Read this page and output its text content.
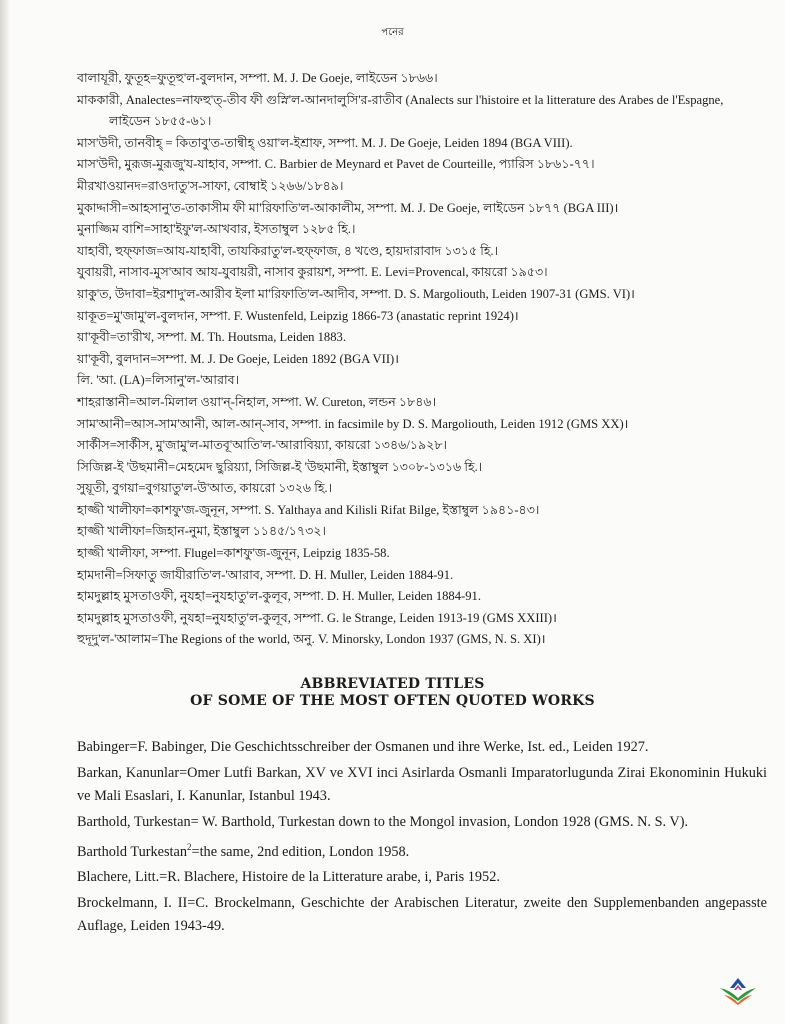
পনের
বালাযূরী, ফুতূহ=ফুতূহু'ল-বুলদান, সম্পা. M. J. De Goeje, লাইডেন ১৮৬৬।
মাককারী, Analectes=নাফহু'ত্-তীব ফী গুস্নি'ল-আনদালুসি'র-রাতীব (Analects sur l'histoire et la litterature des Arabes de l'Espagne, লাইডেন ১৮৫৫-৬১।
মাস'উদী, তানবীহ্ = কিতাবু'ত-তান্বীহ্ ওয়া'ল-ইশ্রাফ, সম্পা. M. J. De Goeje, Leiden 1894 (BGA VIII).
মাস'উদী, মুরূজ-মুরূজু'য-যাহাব, সম্পা. C. Barbier de Meynard et Pavet de Courteille, প্যারিস ১৮৬১-৭৭।
মীরখাওয়ানদ=রাওদাতু'স-সাফা, বোম্বাই ১২৬৬/১৮৪৯।
মুকাদ্দাসী=আহসানু'ত-তাকাসীম ফী মা'রিফাতি'ল-আকালীম, সম্পা. M. J. De Goeje, লাইডেন ১৮৭৭ (BGA III)।
মুনাজ্জিম বাশি=সাহা'ইফু'ল-আখবার, ইসতাম্বুল ১২৮৫ হি.।
যাহাবী, হুফ্ফাজ=আয-যাহাবী, তাযকিরাতু'ল-হুফ্ফাজ, ৪ খণ্ডে, হায়দারাবাদ ১৩১৫ হি.।
যুবায়রী, নাসাব-মুস'আব আয-যুবায়রী, নাসাব কুরায়শ, সম্পা. E. Levi=Provencal, কায়রো ১৯৫৩।
য়াকু'ত, উদাবা=ইরশাদু'ল-আরীব ইলা মা'রিফাতি'ল-আদীব, সম্পা. D. S. Margoliouth, Leiden 1907-31 (GMS. VI)।
য়াকূত=মু'জামু'ল-বুলদান, সম্পা. F. Wustenfeld, Leipzig 1866-73 (anastatic reprint 1924)।
য়া'কূবী=তা'রীখ, সম্পা. M. Th. Houtsma, Leiden 1883.
য়া'কূবী, বুলদান=সম্পা. M. J. De Goeje, Leiden 1892 (BGA VII)।
লি. 'আ. (LA)=লিসানু'ল-'আরাব।
শাহরাস্তানী=আল-মিলাল ওয়া'ন্-নিহাল, সম্পা. W. Cureton, লন্ডন ১৮৪৬।
সাম'আনী=আস-সাম'আনী, আল-আন্-সাব, সম্পা. in facsimile by D. S. Margoliouth, Leiden 1912 (GMS XX)।
সার্কীস=সার্কীস, মু'জামু'ল-মাতবূ'আতি'ল-'আরাবিয়্যা, কায়রো ১৩৪৬/১৯২৮।
সিজিল্ল-ই 'উছমানী=মেহমেদ ছুরিয়্যা, সিজিল্ল-ই 'উছমানী, ইস্তাম্বুল ১৩০৮-১৩১৬ হি.।
সুয়ূতী, বুগয়া=বুগয়াতু'ল-উ'আত, কায়রো ১৩২৬ হি.।
হাজ্জী খালীফা=কাশফু'জ-জুনূন, সম্পা. S. Yalthaya and Kilisli Rifat Bilge, ইস্তাম্বুল ১৯৪১-৪৩।
হাজ্জী খালীফা=জিহান-নুমা, ইস্তাম্বুল ১১৪৫/১৭৩২।
হাজ্জী খালীফা, সম্পা. Flugel=কাশফু'জ-জুনূন, Leipzig 1835-58.
হামদানী=সিফাতু জাযীরাতি'ল-'আরাব, সম্পা. D. H. Muller, Leiden 1884-91.
হামদুল্লাহ মুসতাওফী, নুযহা=নুযহাতু'ল-কুলূব, সম্পা. D. H. Muller, Leiden 1884-91.
হামদুল্লাহ মুসতাওফী, নুযহা=নুযহাতু'ল-কুলূব, সম্পা. G. le Strange, Leiden 1913-19 (GMS XXIII)।
হুদূদু'ল-'আলাম=The Regions of the world, অনু. V. Minorsky, London 1937 (GMS, N. S. XI)।
ABBREVIATED TITLES
OF SOME OF THE MOST OFTEN QUOTED WORKS
Babinger=F. Babinger, Die Geschichtsschreiber der Osmanen und ihre Werke, Ist. ed., Leiden 1927.
Barkan, Kanunlar=Omer Lutfi Barkan, XV ve XVI inci Asirlarda Osmanli Imparatorlugunda Zirai Ekonominin Hukuki ve Mali Esaslari, I. Kanunlar, Istanbul 1943.
Barthold, Turkestan= W. Barthold, Turkestan down to the Mongol invasion, London 1928 (GMS. N. S. V).
Barthold Turkestan$^2$=the same, 2nd edition, London 1958.
Blachere, Litt.=R. Blachere, Histoire de la Litterature arabe, i, Paris 1952.
Brockelmann, I. II=C. Brockelmann, Geschichte der Arabischen Literatur, zweite den Supplemenbanden angepasste Auflage, Leiden 1943-49.
